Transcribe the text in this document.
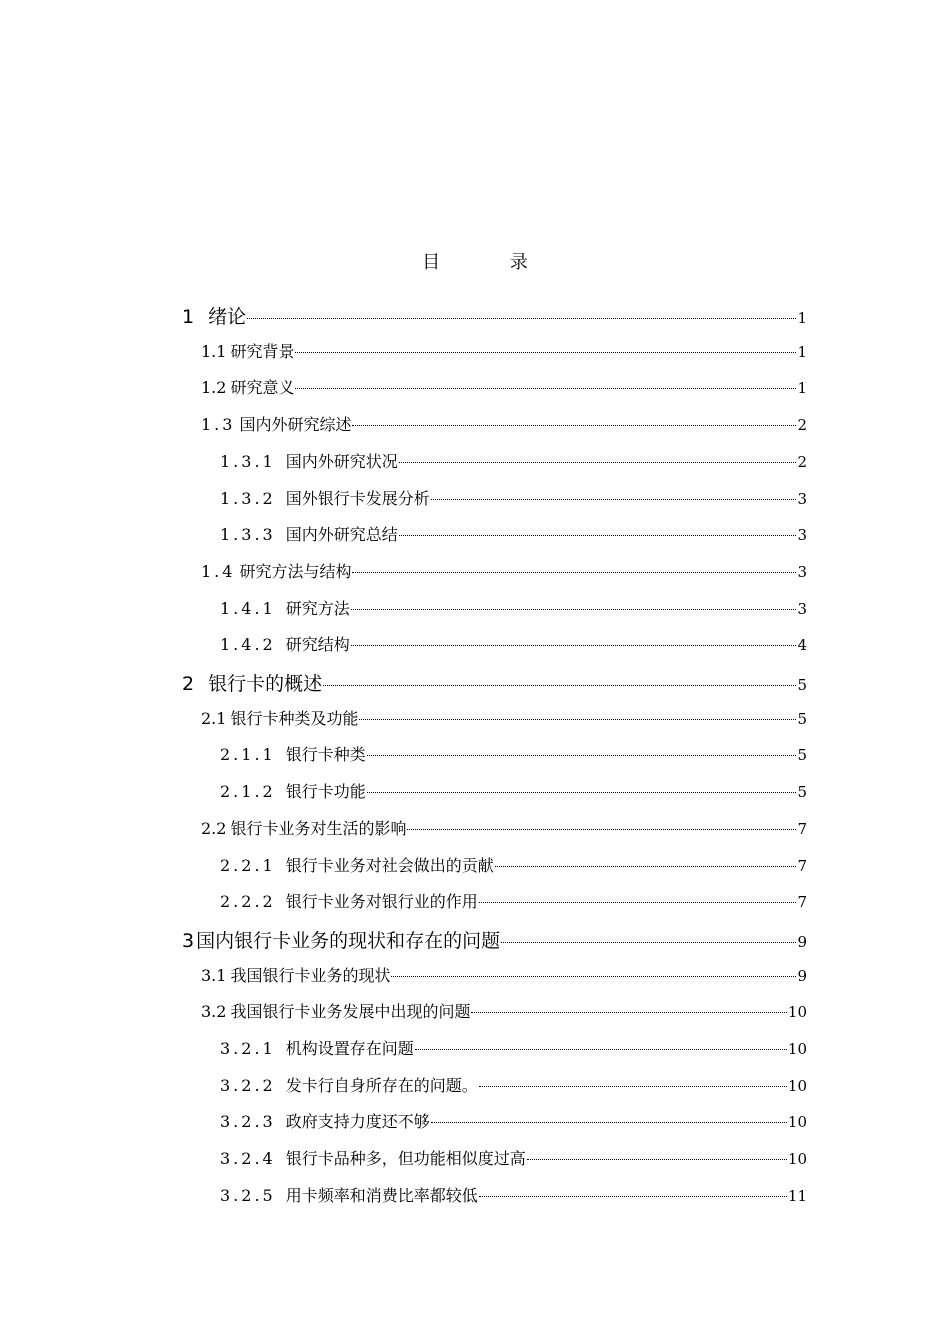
目 录
1 绪论	1
1.1 研究背景	1
1.2 研究意义	1
1.3 国内外研究综述	2
1.3.1 国内外研究状况	2
1.3.2 国外银行卡发展分析	3
1.3.3 国内外研究总结	3
1.4 研究方法与结构	3
1.4.1 研究方法	3
1.4.2 研究结构	4
2 银行卡的概述	5
2.1 银行卡种类及功能	5
2.1.1 银行卡种类	5
2.1.2 银行卡功能	5
2.2 银行卡业务对生活的影响	7
2.2.1 银行卡业务对社会做出的贡献	7
2.2.2 银行卡业务对银行业的作用	7
3 国内银行卡业务的现状和存在的问题	9
3.1 我国银行卡业务的现状	9
3.2 我国银行卡业务发展中出现的问题	10
3.2.1 机构设置存在问题	10
3.2.2 发卡行自身所存在的问题。	10
3.2.3 政府支持力度还不够	10
3.2.4 银行卡品种多，但功能相似度过高	10
3.2.5 用卡频率和消费比率都较低	11
